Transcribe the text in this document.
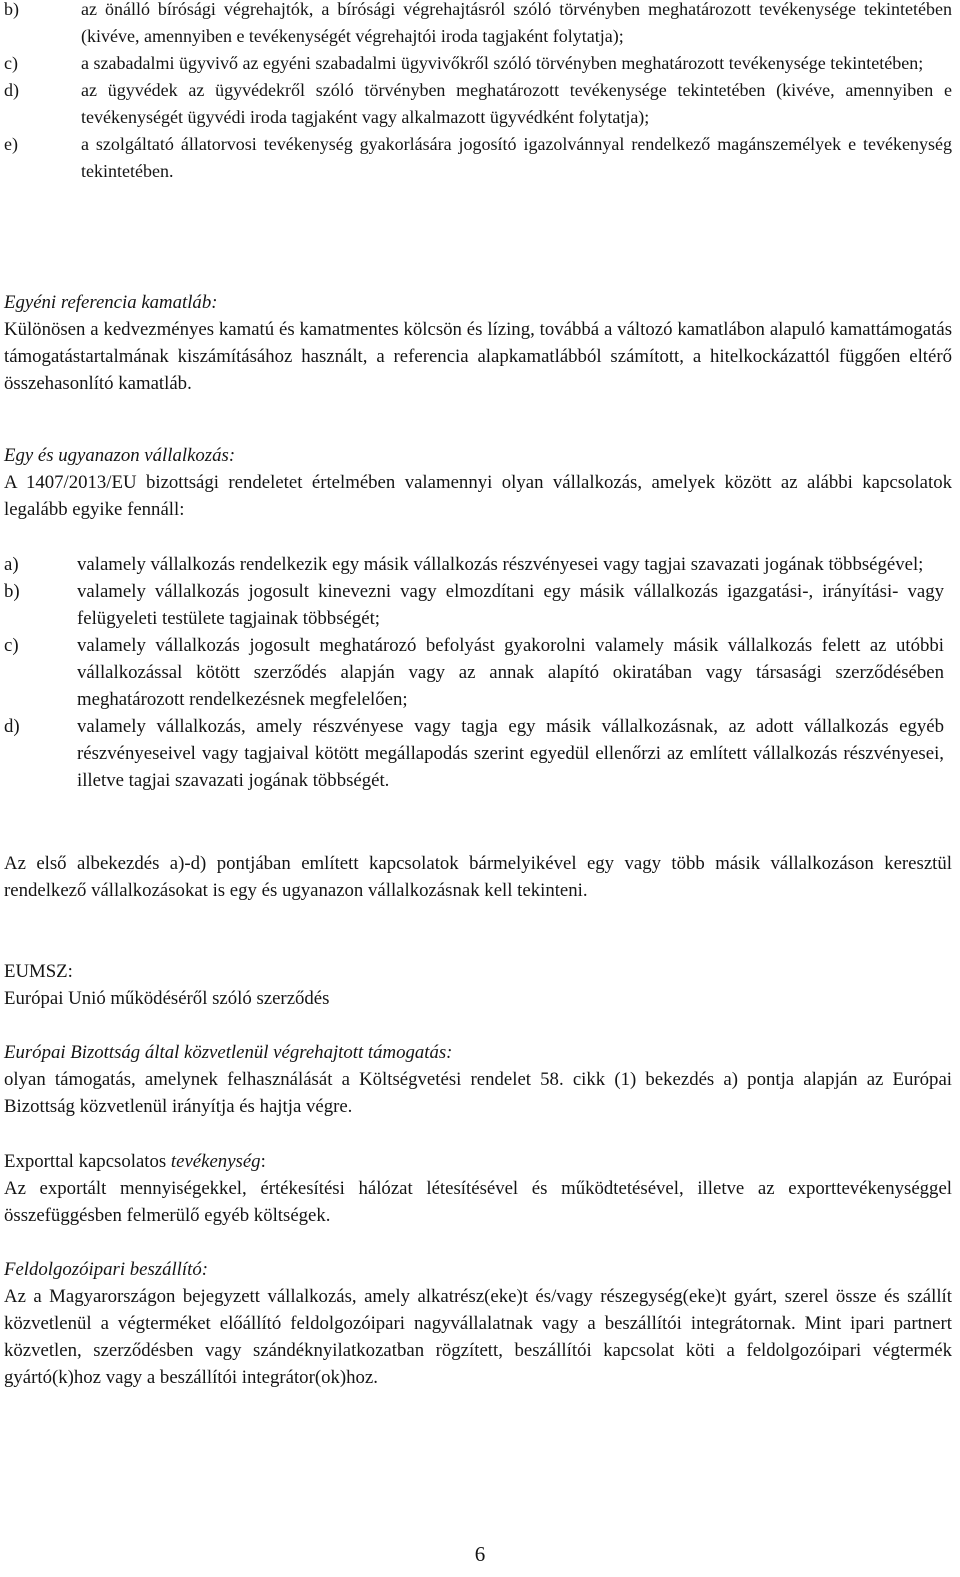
b)	az önálló bírósági végrehajtók, a bírósági végrehajtásról szóló törvényben meghatározott tevékenysége tekintetében (kivéve, amennyiben e tevékenységét végrehajtói iroda tagjaként folytatja);
c)	a szabadalmi ügyvivő az egyéni szabadalmi ügyvivőkről szóló törvényben meghatározott tevékenysége tekintetében;
d)	az ügyvédek az ügyvédekről szóló törvényben meghatározott tevékenysége tekintetében (kivéve, amennyiben e tevékenységét ügyvédi iroda tagjaként vagy alkalmazott ügyvédként folytatja);
e)	a szolgáltató állatorvosi tevékenység gyakorlására jogosító igazolvánnyal rendelkező magánszemélyek e tevékenység tekintetében.
Egyéni referencia kamatláb:
Különösen a kedvezményes kamatú és kamatmentes kölcsön és lízing, továbbá a változó kamatlábon alapuló kamattámogatás támogatástartalmának kiszámításához használt, a referencia alapkamatlábból számított, a hitelkockázattól függően eltérő összehasonlító kamatláb.
Egy és ugyanazon vállalkozás:
A 1407/2013/EU bizottsági rendeletet értelmében valamennyi olyan vállalkozás, amelyek között az alábbi kapcsolatok legalább egyike fennáll:
a)	valamely vállalkozás rendelkezik egy másik vállalkozás részvényesei vagy tagjai szavazati jogának többségével;
b)	valamely vállalkozás jogosult kinevezni vagy elmozdítani egy másik vállalkozás igazgatási-, irányítási- vagy felügyeleti testülete tagjainak többségét;
c)	valamely vállalkozás jogosult meghatározó befolyást gyakorolni valamely másik vállalkozás felett az utóbbi vállalkozással kötött szerződés alapján vagy az annak alapító okiratában vagy társasági szerződésében meghatározott rendelkezésnek megfelelően;
d)	valamely vállalkozás, amely részvényese vagy tagja egy másik vállalkozásnak, az adott vállalkozás egyéb részvényeseivel vagy tagjaival kötött megállapodás szerint egyedül ellenőrzi az említett vállalkozás részvényesei, illetve tagjai szavazati jogának többségét.
Az első albekezdés a)-d) pontjában említett kapcsolatok bármelyikével egy vagy több másik vállalkozáson keresztül rendelkező vállalkozásokat is egy és ugyanazon vállalkozásnak kell tekinteni.
EUMSZ:
Európai Unió működéséről szóló szerződés
Európai Bizottság által közvetlenül végrehajtott támogatás:
olyan támogatás, amelynek felhasználását a Költségvetési rendelet 58. cikk (1) bekezdés a) pontja alapján az Európai Bizottság közvetlenül irányítja és hajtja végre.
Exporttal kapcsolatos tevékenység:
Az exportált mennyiségekkel, értékesítési hálózat létesítésével és működtetésével, illetve az exporttevékenységgel összefüggésben felmerülő egyéb költségek.
Feldolgozóipari beszállító:
Az a Magyarországon bejegyzett vállalkozás, amely alkatrész(eke)t és/vagy részegység(eke)t gyárt, szerel össze és szállít közvetlenül a végterméket előállító feldolgozóipari nagyvállalatnak vagy a beszállítói integrátornak. Mint ipari partnert közvetlen, szerződésben vagy szándéknyilatkozatban rögzített, beszállítói kapcsolat köti a feldolgozóipari végtermék gyártó(k)hoz vagy a beszállítói integrátor(ok)hoz.
6
